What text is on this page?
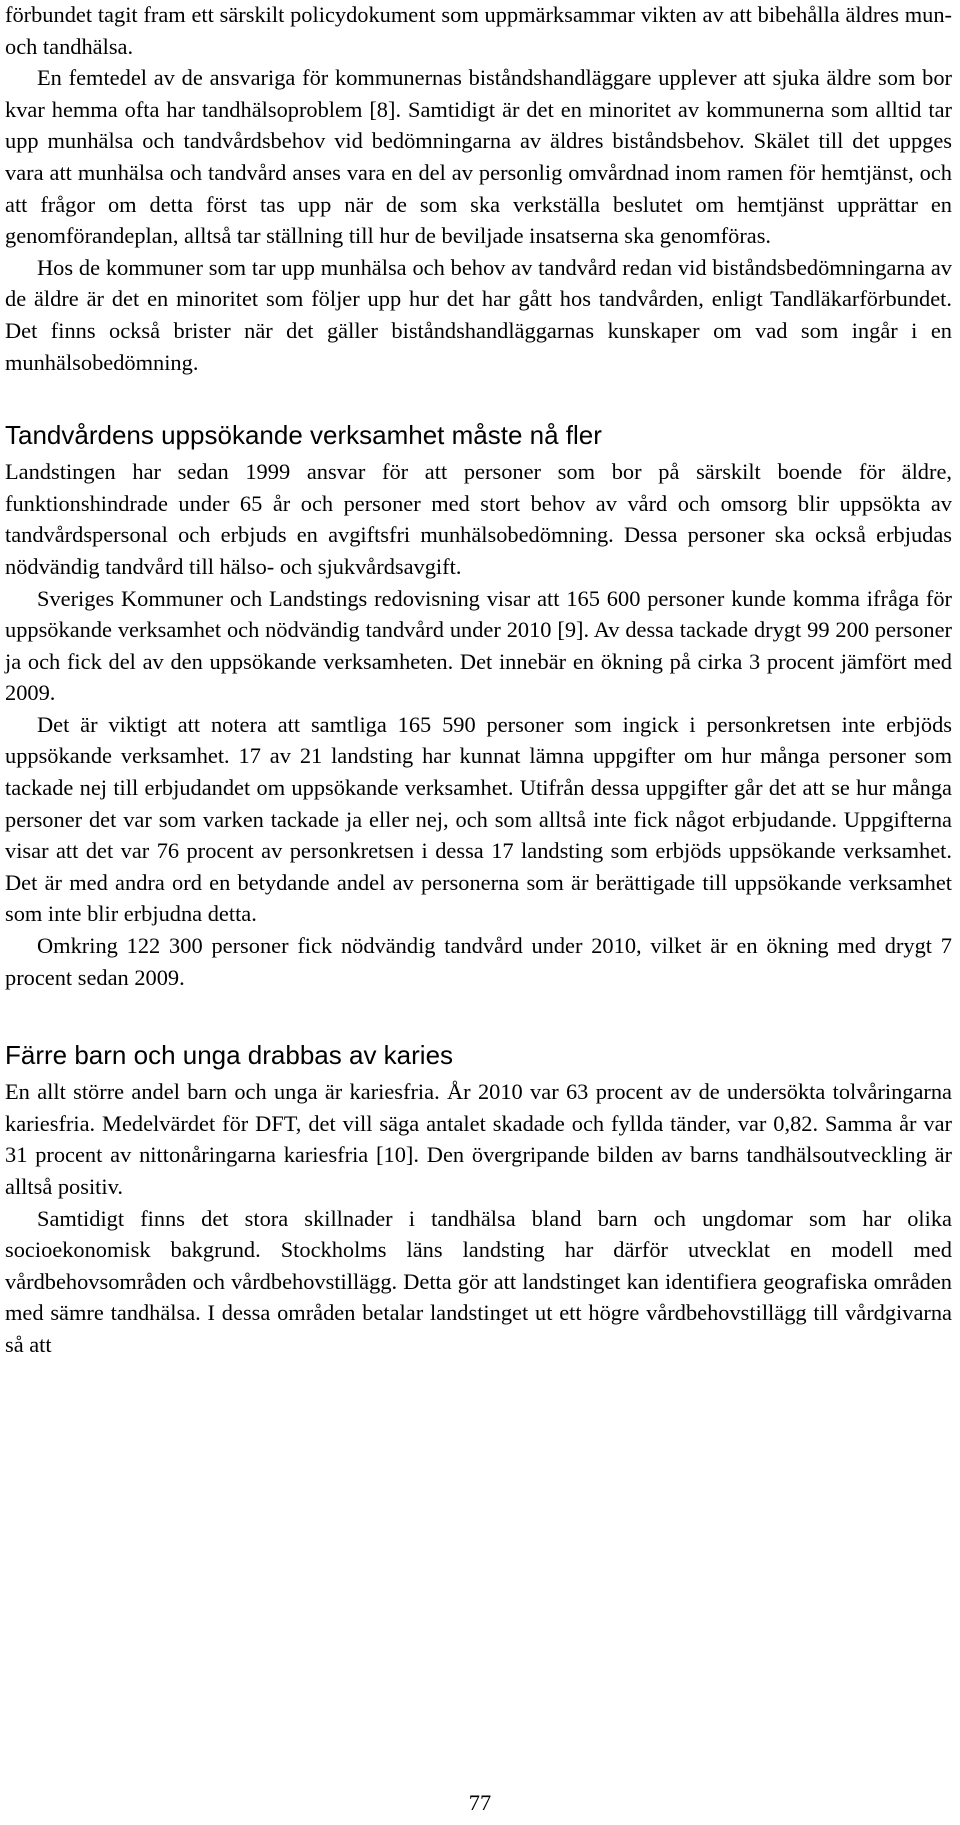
förbundet tagit fram ett särskilt policydokument som uppmärksammar vikten av att bibehålla äldres mun- och tandhälsa.

En femtedel av de ansvariga för kommunernas biståndshandläggare upplever att sjuka äldre som bor kvar hemma ofta har tandhälsoproblem [8]. Samtidigt är det en minoritet av kommunerna som alltid tar upp munhälsa och tandvårdsbehov vid bedömningarna av äldres biståndsbehov. Skälet till det uppges vara att munhälsa och tandvård anses vara en del av personlig omvårdnad inom ramen för hemtjänst, och att frågor om detta först tas upp när de som ska verkställa beslutet om hemtjänst upprättar en genomförandeplan, alltså tar ställning till hur de beviljade insatserna ska genomföras.

Hos de kommuner som tar upp munhälsa och behov av tandvård redan vid biståndsbedömningarna av de äldre är det en minoritet som följer upp hur det har gått hos tandvården, enligt Tandläkarförbundet. Det finns också brister när det gäller biståndshandläggarnas kunskaper om vad som ingår i en munhälsobedömning.

Tandvårdens uppsökande verksamhet måste nå fler

Landstingen har sedan 1999 ansvar för att personer som bor på särskilt boende för äldre, funktionshindrade under 65 år och personer med stort behov av vård och omsorg blir uppsökta av tandvårdspersonal och erbjuds en avgiftsfri munhälsobedömning. Dessa personer ska också erbjudas nödvändig tandvård till hälso- och sjukvårdsavgift.

Sveriges Kommuner och Landstings redovisning visar att 165 600 personer kunde komma ifråga för uppsökande verksamhet och nödvändig tandvård under 2010 [9]. Av dessa tackade drygt 99 200 personer ja och fick del av den uppsökande verksamheten. Det innebär en ökning på cirka 3 procent jämfört med 2009.

Det är viktigt att notera att samtliga 165 590 personer som ingick i personkretsen inte erbjöds uppsökande verksamhet. 17 av 21 landsting har kunnat lämna uppgifter om hur många personer som tackade nej till erbjudandet om uppsökande verksamhet. Utifrån dessa uppgifter går det att se hur många personer det var som varken tackade ja eller nej, och som alltså inte fick något erbjudande. Uppgifterna visar att det var 76 procent av personkretsen i dessa 17 landsting som erbjöds uppsökande verksamhet. Det är med andra ord en betydande andel av personerna som är berättigade till uppsökande verksamhet som inte blir erbjudna detta.

Omkring 122 300 personer fick nödvändig tandvård under 2010, vilket är en ökning med drygt 7 procent sedan 2009.

Färre barn och unga drabbas av karies

En allt större andel barn och unga är kariesfria. År 2010 var 63 procent av de undersökta tolvåringarna kariesfria. Medelvärdet för DFT, det vill säga antalet skadade och fyllda tänder, var 0,82. Samma år var 31 procent av nittonåringarna kariesfria [10]. Den övergripande bilden av barns tandhälsoutveckling är alltså positiv.

Samtidigt finns det stora skillnader i tandhälsa bland barn och ungdomar som har olika socioekonomisk bakgrund. Stockholms läns landsting har därför utvecklat en modell med vårdbehovsområden och vårdbehovstillägg. Detta gör att landstinget kan identifiera geografiska områden med sämre tandhälsa. I dessa områden betalar landstinget ut ett högre vårdbehovstillägg till vårdgivarna så att

77
